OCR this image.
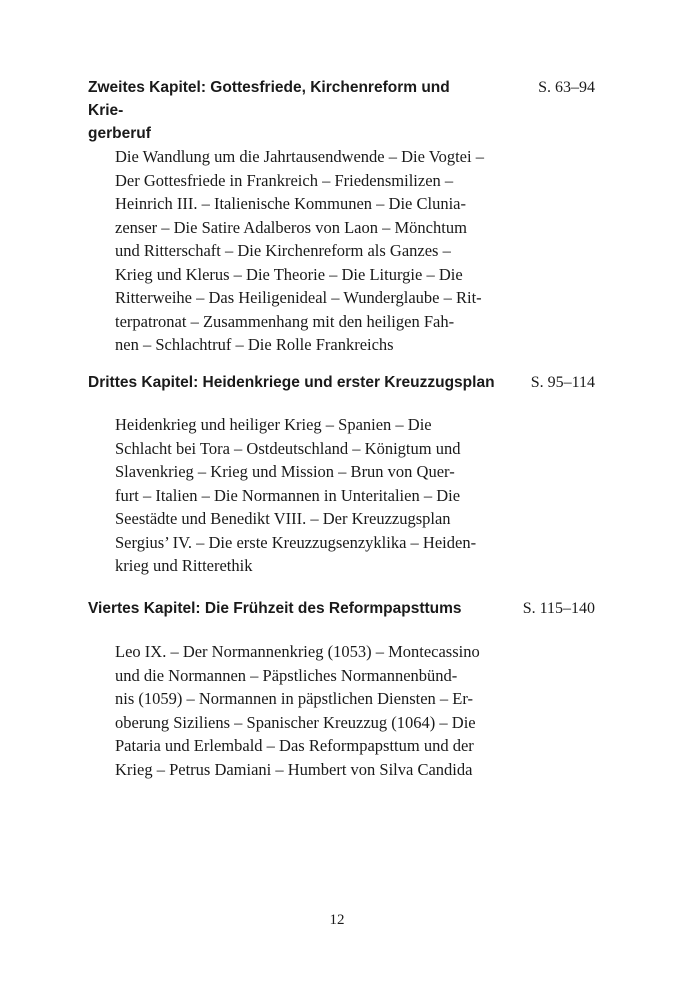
Zweites Kapitel: Gottesfriede, Kirchenreform und Krie-
gerberuf
S. 63–94
Die Wandlung um die Jahrtausendwende – Die Vogtei –
Der Gottesfriede in Frankreich – Friedensmilizen –
Heinrich III. – Italienische Kommunen – Die Clunia-
zenser – Die Satire Adalberos von Laon – Mönchtum
und Ritterschaft – Die Kirchenreform als Ganzes –
Krieg und Klerus – Die Theorie – Die Liturgie – Die
Ritterweihe – Das Heiligenideal – Wunderglaube – Rit-
terpatronat – Zusammenhang mit den heiligen Fah-
nen – Schlachtruf – Die Rolle Frankreichs
Drittes Kapitel: Heidenkriege und erster Kreuzzugsplan S. 95–114
Heidenkrieg und heiliger Krieg – Spanien – Die
Schlacht bei Tora – Ostdeutschland – Königtum und
Slavenkrieg – Krieg und Mission – Brun von Quer-
furt – Italien – Die Normannen in Unteritalien – Die
Seestädte und Benedikt VIII. – Der Kreuzzugsplan
Sergius’ IV. – Die erste Kreuzzugsenzyklika – Heiden-
krieg und Ritterethik
Viertes Kapitel: Die Frühzeit des Reformpapsttums	S. 115–140
Leo IX. – Der Normannenkrieg (1053) – Montecassino
und die Normannen – Päpstliches Normannenbünd-
nis (1059) – Normannen in päpstlichen Diensten – Er-
oberung Siziliens – Spanischer Kreuzzug (1064) – Die
Pataria und Erlembald – Das Reformpapsttum und der
Krieg – Petrus Damiani – Humbert von Silva Candida
12
